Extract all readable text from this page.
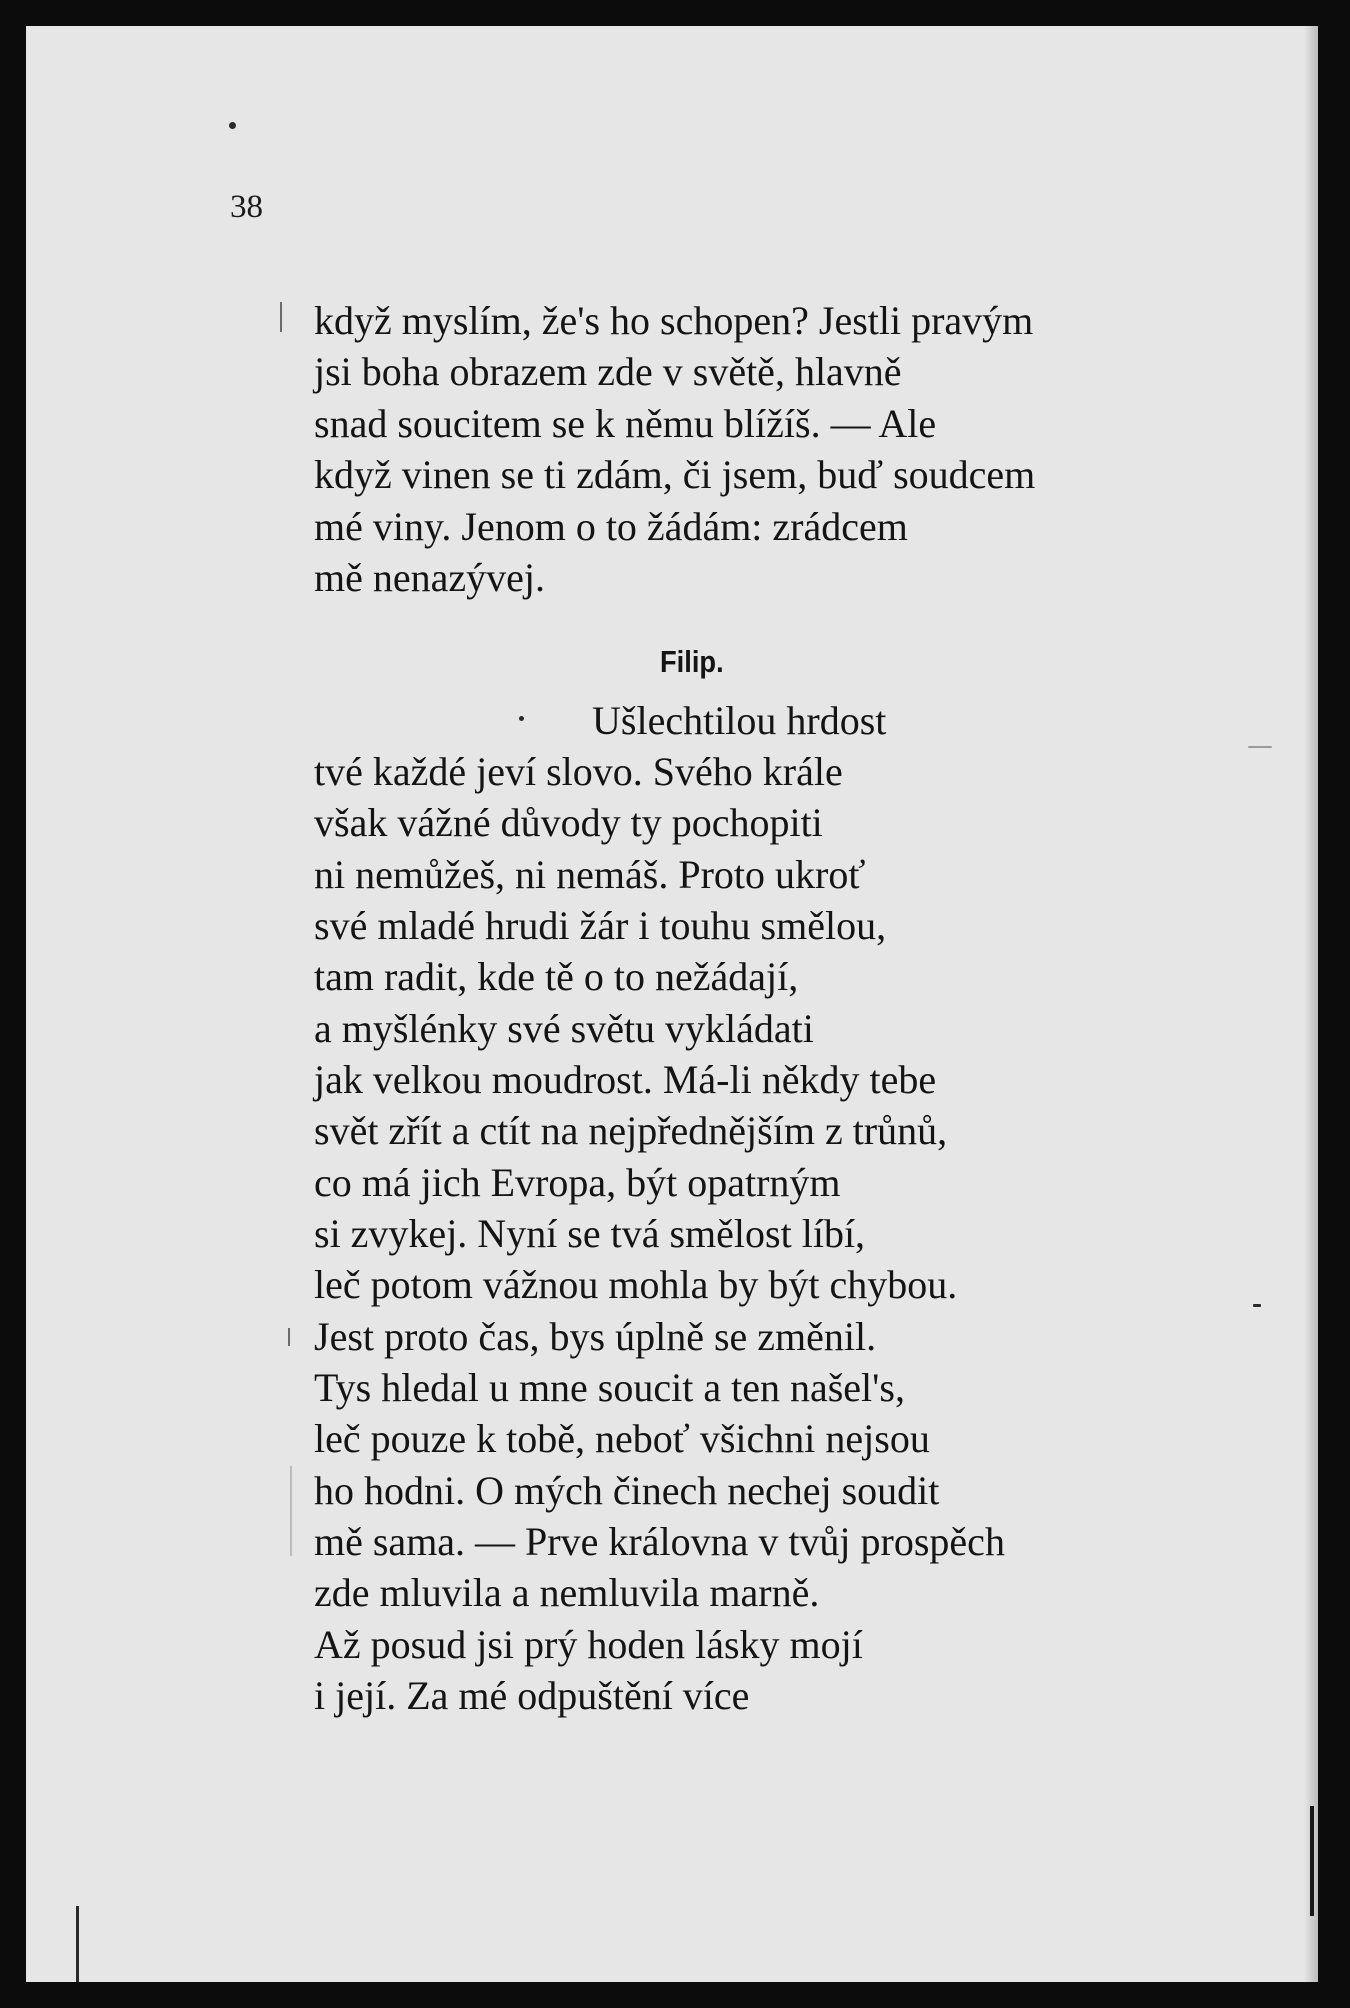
38
když myslím, že's ho schopen? Jestli pravým
jsi boha obrazem zde v světě, hlavně
snad soucitem se k němu blížíš. — Ale
když vinen se ti zdám, či jsem, buď soudcem
mé viny. Jenom o to žádám: zrádcem
mě nenazývej.
Ušlechtilou hrdost
tvé každé jeví slovo. Svého krále
však vážné důvody ty pochopiti
ni nemůžeš, ni nemáš. Proto ukroť
své mladé hrudi žár i touhu smělou,
tam radit, kde tě o to nežádají,
a myšlénky své světu vykládati
jak velkou moudrost. Má-li někdy tebe
svět zřít a ctít na nejpřednějším z trůnů,
co má jich Evropa, být opatrným
si zvykej. Nyní se tvá smělost líbí,
leč potom vážnou mohla by být chybou.
Jest proto čas, bys úplně se změnil.
Tys hledal u mne soucit a ten našel's,
leč pouze k tobě, neboť všichni nejsou
ho hodni. O mých činech nechej soudit
mě sama. — Prve královna v tvůj prospěch
zde mluvila a nemluvila marně.
Až posud jsi prý hoden lásky mojí
i její. Za mé odpuštění více
Filip.
